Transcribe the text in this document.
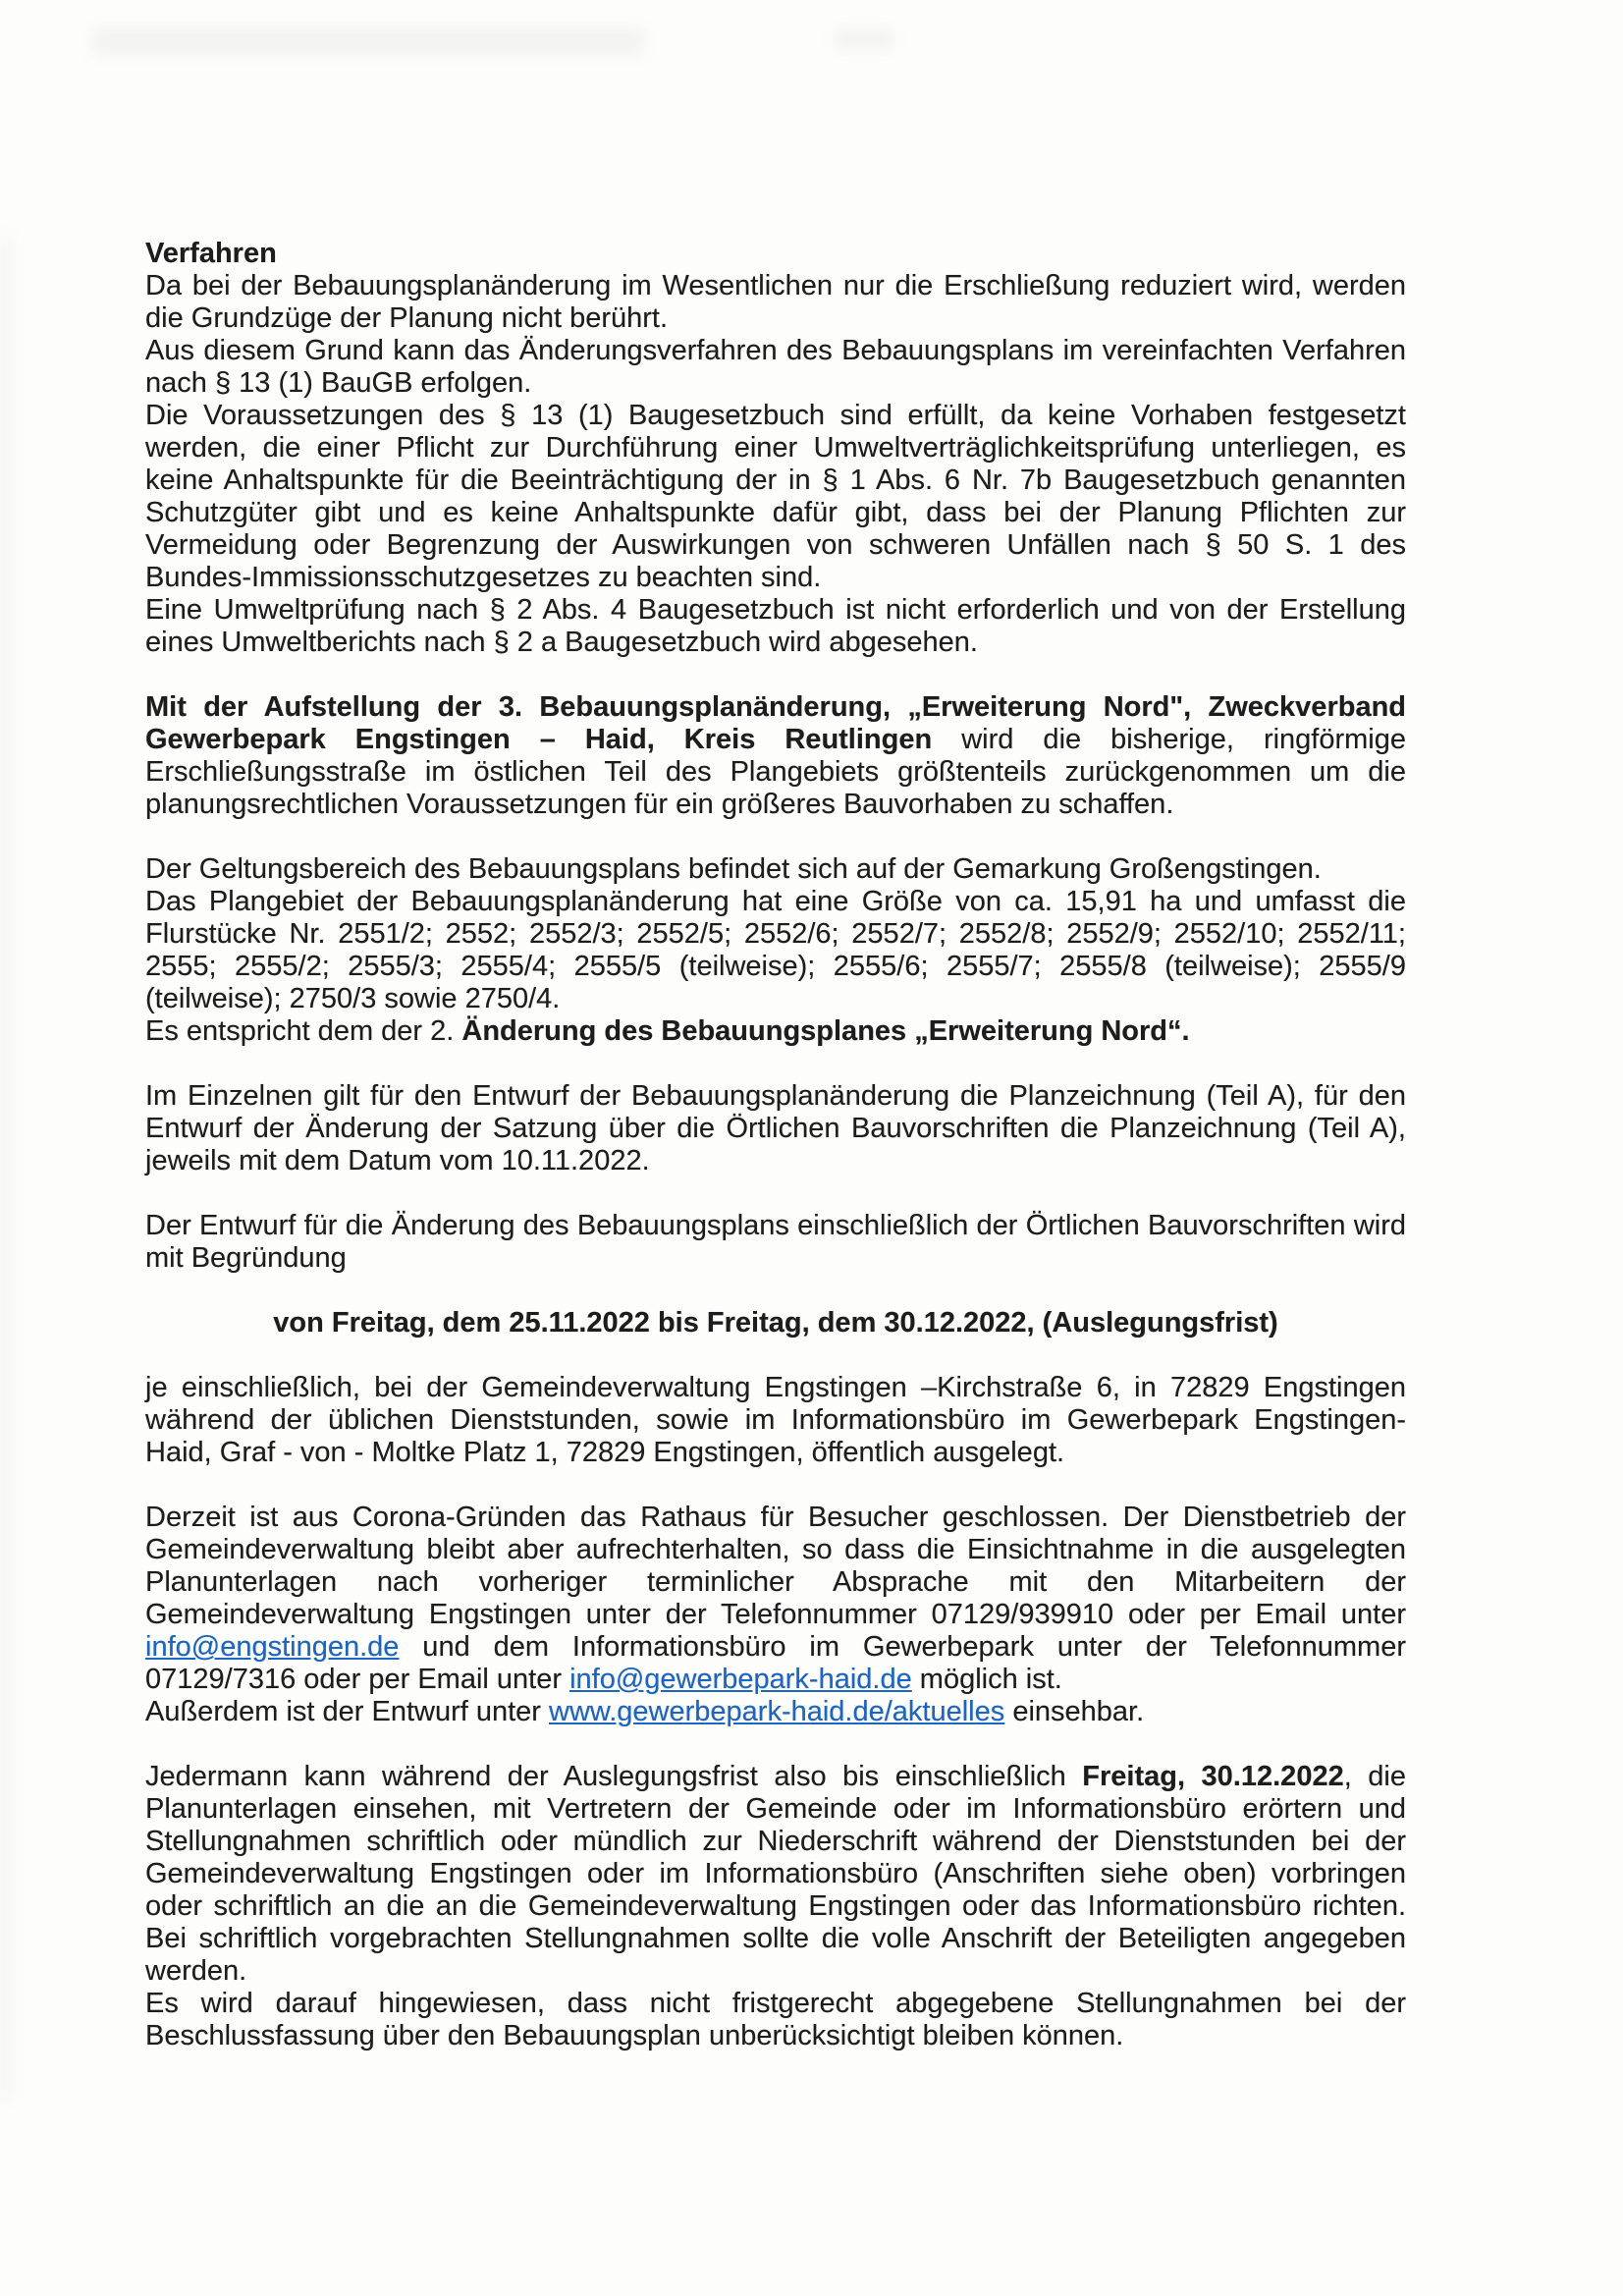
Verfahren

Da bei der Bebauungsplanänderung im Wesentlichen nur die Erschließung reduziert wird, werden die Grundzüge der Planung nicht berührt.

Aus diesem Grund kann das Änderungsverfahren des Bebauungsplans im vereinfachten Verfahren nach § 13 (1) BauGB erfolgen.

Die Voraussetzungen des § 13 (1) Baugesetzbuch sind erfüllt, da keine Vorhaben festgesetzt werden, die einer Pflicht zur Durchführung einer Umweltverträglichkeitsprüfung unterliegen, es keine Anhaltspunkte für die Beeinträchtigung der in § 1 Abs. 6 Nr. 7b Baugesetzbuch genannten Schutzgüter gibt und es keine Anhaltspunkte dafür gibt, dass bei der Planung Pflichten zur Vermeidung oder Begrenzung der Auswirkungen von schweren Unfällen nach § 50 S. 1 des Bundes-Immissionsschutzgesetzes zu beachten sind.

Eine Umweltprüfung nach § 2 Abs. 4 Baugesetzbuch ist nicht erforderlich und von der Erstellung eines Umweltberichts nach § 2 a Baugesetzbuch wird abgesehen.

Mit der Aufstellung der 3. Bebauungsplanänderung, „Erweiterung Nord", Zweckverband Gewerbepark Engstingen – Haid, Kreis Reutlingen wird die bisherige, ringförmige Erschließungsstraße im östlichen Teil des Plangebiets größtenteils zurückgenommen um die planungsrechtlichen Voraussetzungen für ein größeres Bauvorhaben zu schaffen.

Der Geltungsbereich des Bebauungsplans befindet sich auf der Gemarkung Großengstingen.

Das Plangebiet der Bebauungsplanänderung hat eine Größe von ca. 15,91 ha und umfasst die Flurstücke Nr. 2551/2; 2552; 2552/3; 2552/5; 2552/6; 2552/7; 2552/8; 2552/9; 2552/10; 2552/11; 2555; 2555/2; 2555/3; 2555/4; 2555/5 (teilweise); 2555/6; 2555/7; 2555/8 (teilweise); 2555/9 (teilweise); 2750/3 sowie 2750/4.

Es entspricht dem der 2. Änderung des Bebauungsplanes „Erweiterung Nord“.

Im Einzelnen gilt für den Entwurf der Bebauungsplanänderung die Planzeichnung (Teil A), für den Entwurf der Änderung der Satzung über die Örtlichen Bauvorschriften die Planzeichnung (Teil A), jeweils mit dem Datum vom 10.11.2022.

Der Entwurf für die Änderung des Bebauungsplans einschließlich der Örtlichen Bauvorschriften wird mit Begründung

von Freitag, dem 25.11.2022 bis Freitag, dem 30.12.2022, (Auslegungsfrist)

je einschließlich, bei der Gemeindeverwaltung Engstingen –Kirchstraße 6, in 72829 Engstingen während der üblichen Dienststunden, sowie im Informationsbüro im Gewerbepark Engstingen- Haid, Graf - von - Moltke Platz 1, 72829 Engstingen, öffentlich ausgelegt.

Derzeit ist aus Corona-Gründen das Rathaus für Besucher geschlossen. Der Dienstbetrieb der Gemeindeverwaltung bleibt aber aufrechterhalten, so dass die Einsichtnahme in die ausgelegten Planunterlagen nach vorheriger terminlicher Absprache mit den Mitarbeitern der Gemeindeverwaltung Engstingen unter der Telefonnummer 07129/939910 oder per Email unter info@engstingen.de und dem Informationsbüro im Gewerbepark unter der Telefonnummer 07129/7316 oder per Email unter info@gewerbepark-haid.de möglich ist.

Außerdem ist der Entwurf unter www.gewerbepark-haid.de/aktuelles einsehbar.

Jedermann kann während der Auslegungsfrist also bis einschließlich Freitag, 30.12.2022, die Planunterlagen einsehen, mit Vertretern der Gemeinde oder im Informationsbüro erörtern und Stellungnahmen schriftlich oder mündlich zur Niederschrift während der Dienststunden bei der Gemeindeverwaltung Engstingen oder im Informationsbüro (Anschriften siehe oben) vorbringen oder schriftlich an die an die Gemeindeverwaltung Engstingen oder das Informationsbüro richten. Bei schriftlich vorgebrachten Stellungnahmen sollte die volle Anschrift der Beteiligten angegeben werden.

Es wird darauf hingewiesen, dass nicht fristgerecht abgegebene Stellungnahmen bei der Beschlussfassung über den Bebauungsplan unberücksichtigt bleiben können.
